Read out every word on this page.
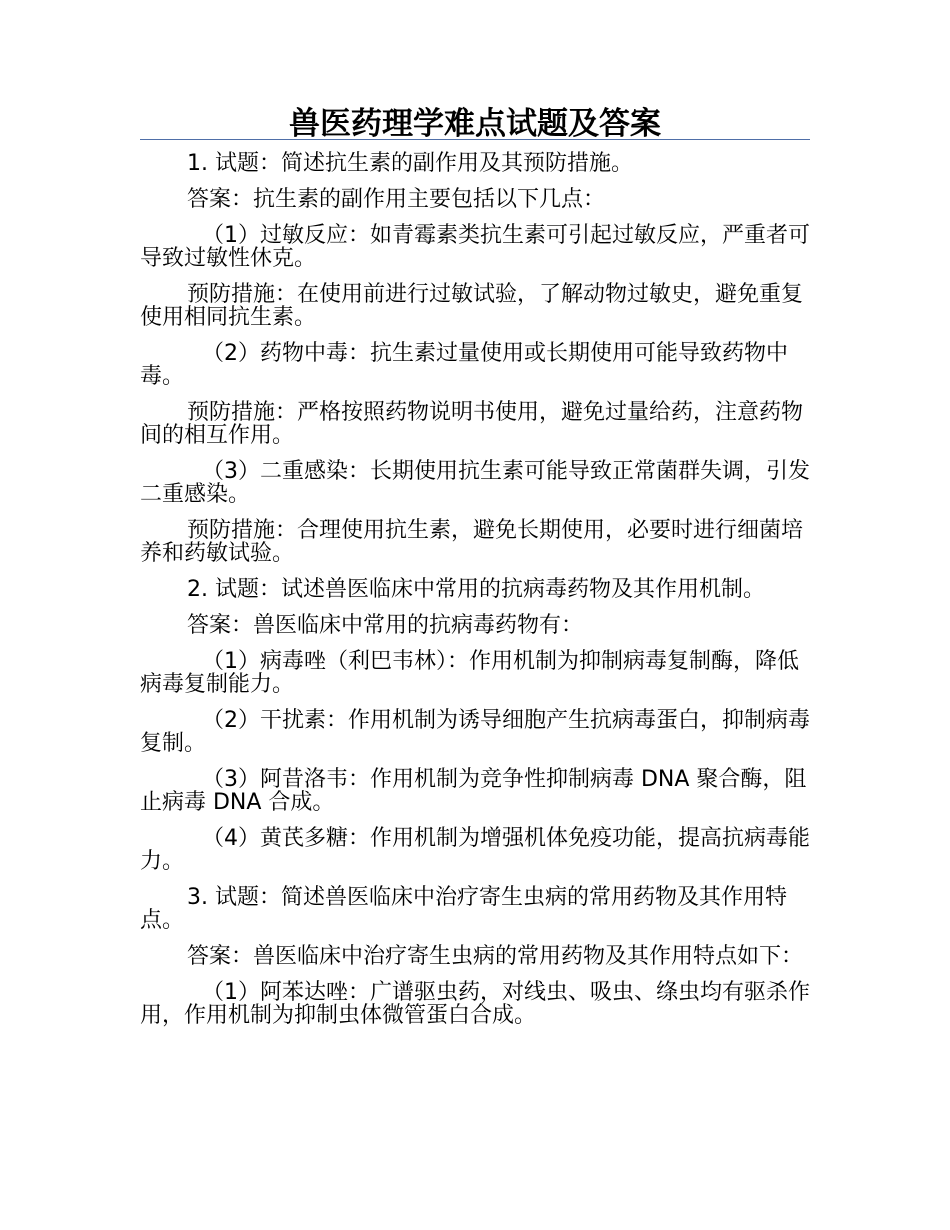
兽医药理学难点试题及答案

1. 试题：简述抗生素的副作用及其预防措施。

答案：抗生素的副作用主要包括以下几点：

（1）过敏反应：如青霉素类抗生素可引起过敏反应，严重者可导致过敏性休克。

预防措施：在使用前进行过敏试验，了解动物过敏史，避免重复使用相同抗生素。

（2）药物中毒：抗生素过量使用或长期使用可能导致药物中毒。

预防措施：严格按照药物说明书使用，避免过量给药，注意药物间的相互作用。

（3）二重感染：长期使用抗生素可能导致正常菌群失调，引发二重感染。

预防措施：合理使用抗生素，避免长期使用，必要时进行细菌培养和药敏试验。

2. 试题：试述兽医临床中常用的抗病毒药物及其作用机制。

答案：兽医临床中常用的抗病毒药物有：

（1）病毒唑（利巴韦林）：作用机制为抑制病毒复制酶，降低病毒复制能力。

（2）干扰素：作用机制为诱导细胞产生抗病毒蛋白，抑制病毒复制。

（3）阿昔洛韦：作用机制为竞争性抑制病毒 DNA 聚合酶，阻止病毒 DNA 合成。

（4）黄芪多糖：作用机制为增强机体免疫功能，提高抗病毒能力。

3. 试题：简述兽医临床中治疗寄生虫病的常用药物及其作用特点。

答案：兽医临床中治疗寄生虫病的常用药物及其作用特点如下：

（1）阿苯达唑：广谱驱虫药，对线虫、吸虫、绦虫均有驱杀作用，作用机制为抑制虫体微管蛋白合成。
